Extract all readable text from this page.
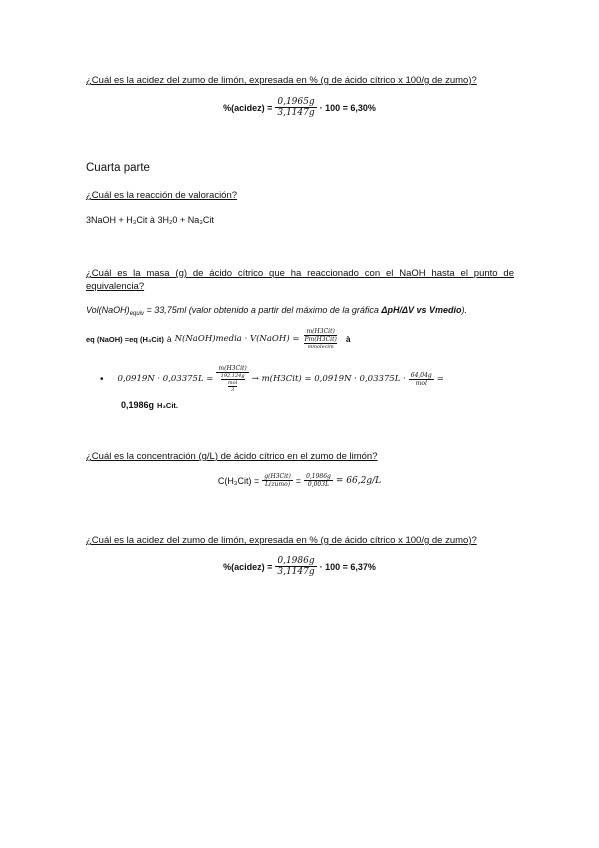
¿Cuál es la acidez del zumo de limón, expresada en % (g de ácido cítrico x 100/g de zumo)?
%(acidez) = $\frac{0,1965g}{3,1147g} \cdot 100 = 6,30\%$
Cuarta parte
¿Cuál es la reacción de valoración?
3NaOH + H₃Cit à 3H₂0 + Na₃Cit
¿Cuál es la masa (g) de ácido cítrico que ha reaccionado con el NaOH hasta el punto de equivalencia?
$Vol(NaOH)_{equiv} = 33,75ml$ (valor obtenido a partir del máximo de la gráfica ΔpH/ΔV vs Vmedio).
eq (NaOH) =eq (H₃Cit) à N(NaOH)media · V(NaOH) = m(H3Cit)
Pm(H3Cit)
mmolecim à
• 0,0919N · 0,03375L = m(H3Cit)
192,124g
mol
$3 \to m(H3Cit) = 0,0919N \cdot 0,03375L \cdot \frac{64,04g}{\text{mol}}$ =
0,1986g H₃Cit.
¿Cuál es la concentración (g/L) de ácido cítrico en el zumo de limón?
$C(H_3Cit) = \frac{\text{g(H3Cit)}}{\text{L(zumo)}} = \frac{0,1986g}{0,003L} = 66,2g/L$
¿Cuál es la acidez del zumo de limón, expresada en % (g de ácido cítrico x 100/g de zumo)?
%(acidez) = $\frac{0,1986g}{3,1147g} \cdot 100 = 6,37\%$
